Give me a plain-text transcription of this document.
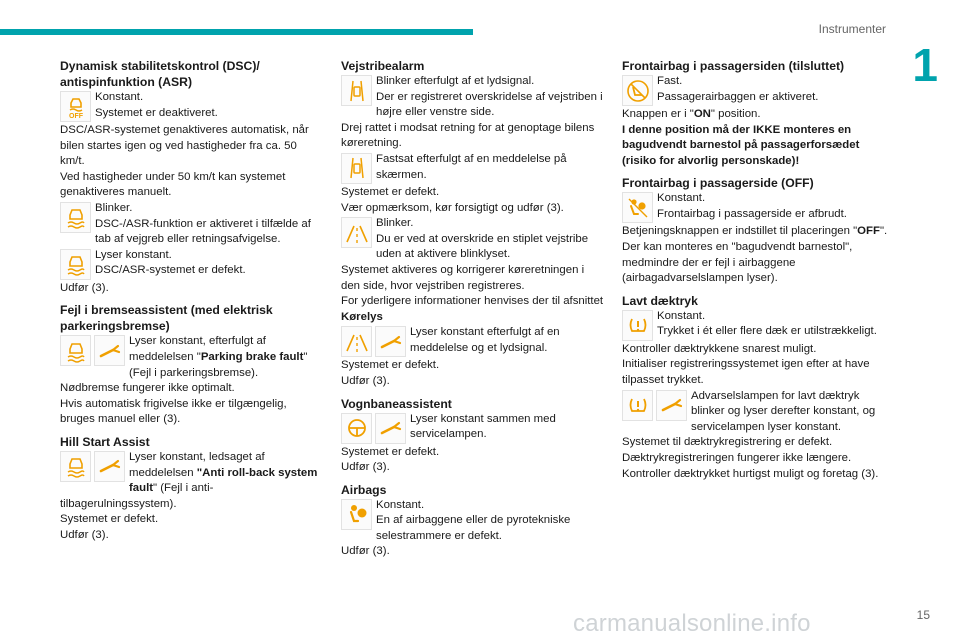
Instrumenter
1
Dynamisk stabilitetskontrol (DSC)/ antispinfunktion (ASR)
OFF
Konstant.
Systemet er deaktiveret.
DSC/ASR-systemet genaktiveres automatisk, når bilen startes igen og ved hastigheder fra ca. 50 km/t.
Ved hastigheder under 50 km/t kan systemet genaktiveres manuelt.
Blinker.
DSC-/ASR-funktion er aktiveret i tilfælde af tab af vejgreb eller retningsafvigelse.
Lyser konstant.
DSC/ASR-systemet er defekt.
Udfør (3).
Fejl i bremseassistent (med elektrisk parkeringsbremse)
Lyser konstant, efterfulgt af meddelelsen "Parking brake fault" (Fejl i parkeringsbremse).
Nødbremse fungerer ikke optimalt.
Hvis automatisk frigivelse ikke er tilgængelig, bruges manuel eller (3).
Hill Start Assist
Lyser konstant, ledsaget af meddelelsen "Anti roll-back system fault" (Fejl i anti-tilbagerulningssystem).
Systemet er defekt.
Udfør (3).
Vejstribealarm
Blinker efterfulgt af et lydsignal.
Der er registreret overskridelse af vejstriben i højre eller venstre side.
Drej rattet i modsat retning for at genoptage bilens køreretning.
Fastsat efterfulgt af en meddelelse på skærmen.
Systemet er defekt.
Vær opmærksom, kør forsigtigt og udfør (3).
Blinker.
Du er ved at overskride en stiplet vejstribe uden at aktivere blinklyset.
Systemet aktiveres og korrigerer køreretningen i den side, hvor vejstriben registreres.
For yderligere informationer henvises der til afsnittet Kørelys
Lyser konstant efterfulgt af en meddelelse og et lydsignal.
Systemet er defekt.
Udfør (3).
Vognbaneassistent
Lyser konstant sammen med servicelampen.
Systemet er defekt.
Udfør (3).
Airbags
Konstant.
En af airbaggene eller de pyrotekniske selestrammere er defekt.
Udfør (3).
Frontairbag i passagersiden (tilsluttet)
Fast.
Passagerairbaggen er aktiveret.
Knappen er i "ON" position.
I denne position må der IKKE monteres en bagudvendt barnestol på passagerforsædet (risiko for alvorlig personskade)!
Frontairbag i passagerside (OFF)
Konstant.
Frontairbag i passagerside er afbrudt.
Betjeningsknappen er indstillet til placeringen "OFF".
Der kan monteres en "bagudvendt barnestol", medmindre der er fejl i airbaggene (airbagadvarselslampen lyser).
Lavt dæktryk
Konstant.
Trykket i ét eller flere dæk er utilstrækkeligt.
Kontroller dæktrykkene snarest muligt.
Initialiser registreringssystemet igen efter at have tilpasset trykket.
Advarselslampen for lavt dæktryk blinker og lyser derefter konstant, og servicelampen lyser konstant.
Systemet til dæktrykregistrering er defekt.
Dæktrykregistreringen fungerer ikke længere.
Kontroller dæktrykket hurtigst muligt og foretag (3).
15
carmanualsonline.info
